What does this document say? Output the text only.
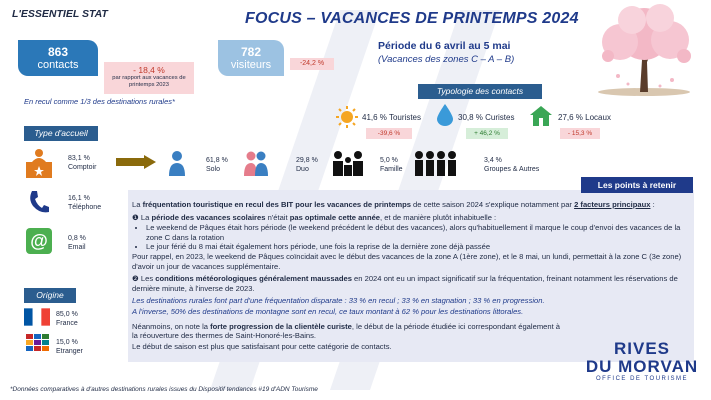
L'ESSENTIEL STAT	FOCUS – VACANCES DE PRINTEMPS 2024
Période du 6 avril au 5 mai
(Vacances des zones C – A – B)
863
contacts	- 18,4 %
par rapport aux vacances de printemps 2023
782
visiteurs	-24,2 %
En recul comme 1/3 des destinations rurales*
Typologie des contacts
41,6 % Touristes
-39,6 %
30,8 % Curistes
+ 46,2 %
27,6 % Locaux
- 15,3 %
Type d'accueil
83,1 %
Comptoir
16,1 %
Téléphone
@	0,8 %
Email
61,8 %
Solo
29,8 %
Duo
5,0 %
Famille
3,4 %
Groupes & Autres
Origine
85,0 %
France
15,0 %
Etranger
Les points à retenir

La fréquentation touristique en recul des BIT pour les vacances de printemps de cette saison 2024 s'explique notamment par 2 facteurs principaux :

❶ La période des vacances scolaires n'était pas optimale cette année, et de manière plutôt inhabituelle :

• Le weekend de Pâques était hors période (le weekend précédent le début des vacances), alors qu'habituellement il marque le coup d'envoi des vacances de la zone C dans la rotation
• Le jour férié du 8 mai était également hors période, une fois la reprise de la dernière zone déjà passée

Pour rappel, en 2023, le weekend de Pâques coïncidait avec le début des vacances de la zone A (1ère zone), et le 8 mai, un lundi, permettait à la zone C (3e zone) d'avoir un jour de vacances supplémentaire.

❷ Les conditions météorologiques généralement maussades en 2024 ont eu un impact significatif sur la fréquentation, freinant notamment les réservations de dernière minute, à l'inverse de 2023.

Les destinations rurales font part d'une fréquentation disparate : 33 % en recul ; 33 % en stagnation ; 33 % en progression.

A l'inverse, 50% des destinations de montagne sont en recul, ce taux montant à 62 % pour les destinations littorales.

Néanmoins, on note la forte progression de la clientèle curiste, le début de la période étudiée ici correspondant également à la réouverture des thermes de Saint-Honoré-les-Bains.

Le début de saison est plus que satisfaisant pour cette catégorie de contacts.	RIVES
DU MORVAN
OFFICE DE TOURISME
*Données comparatives à d'autres destinations rurales issues du Dispositif tendances #19 d'ADN Tourisme
